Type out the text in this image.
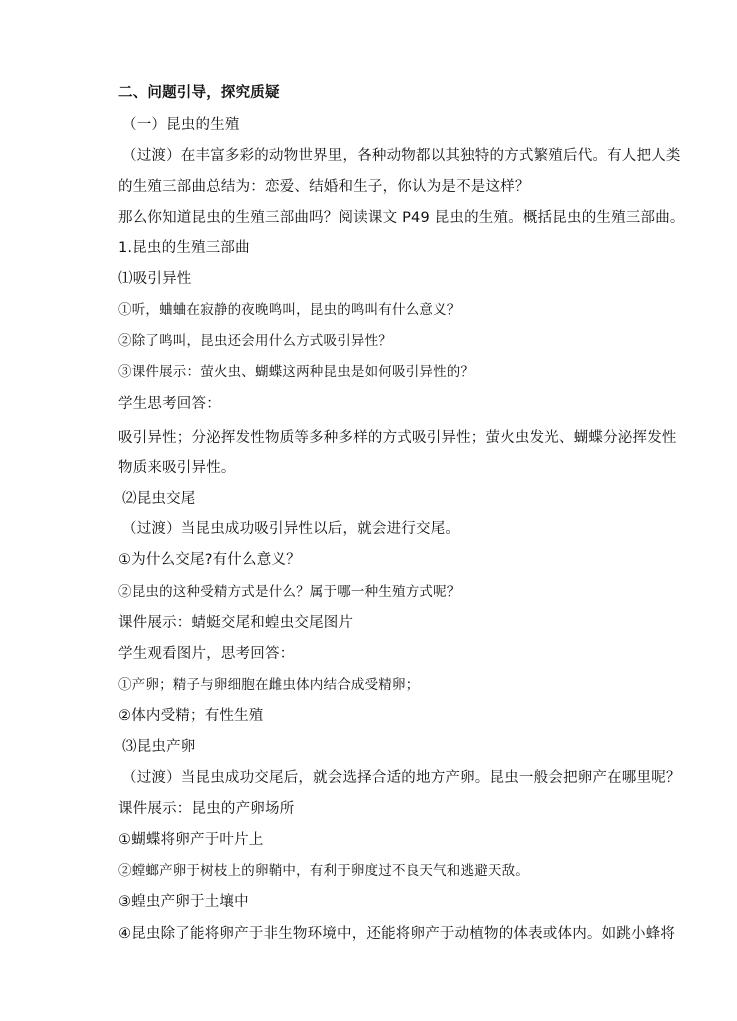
二、问题引导，探究质疑
（一）昆虫的生殖
（过渡）在丰富多彩的动物世界里，各种动物都以其独特的方式繁殖后代。有人把人类
的生殖三部曲总结为：恋爱、结婚和生子，你认为是不是这样？
那么你知道昆虫的生殖三部曲吗？阅读课文 P49 昆虫的生殖。概括昆虫的生殖三部曲。
1.昆虫的生殖三部曲
⑴吸引异性
①听，蛐蛐在寂静的夜晚鸣叫，昆虫的鸣叫有什么意义？
②除了鸣叫，昆虫还会用什么方式吸引异性？
③课件展示：萤火虫、蝴蝶这两种昆虫是如何吸引异性的？
学生思考回答：
吸引异性；分泌挥发性物质等多种多样的方式吸引异性；萤火虫发光、蝴蝶分泌挥发性
物质来吸引异性。
⑵昆虫交尾
（过渡）当昆虫成功吸引异性以后，就会进行交尾。
①为什么交尾?有什么意义？
②昆虫的这种受精方式是什么？属于哪一种生殖方式呢？
课件展示：蜻蜓交尾和蝗虫交尾图片
学生观看图片，思考回答：
①产卵；精子与卵细胞在雌虫体内结合成受精卵；
②体内受精；有性生殖
⑶昆虫产卵
（过渡）当昆虫成功交尾后，就会选择合适的地方产卵。昆虫一般会把卵产在哪里呢？
课件展示：昆虫的产卵场所
①蝴蝶将卵产于叶片上
②螳螂产卵于树枝上的卵鞘中，有利于卵度过不良天气和逃避天敌。
③蝗虫产卵于土壤中
④昆虫除了能将卵产于非生物环境中，还能将卵产于动植物的体表或体内。如跳小蜂将
